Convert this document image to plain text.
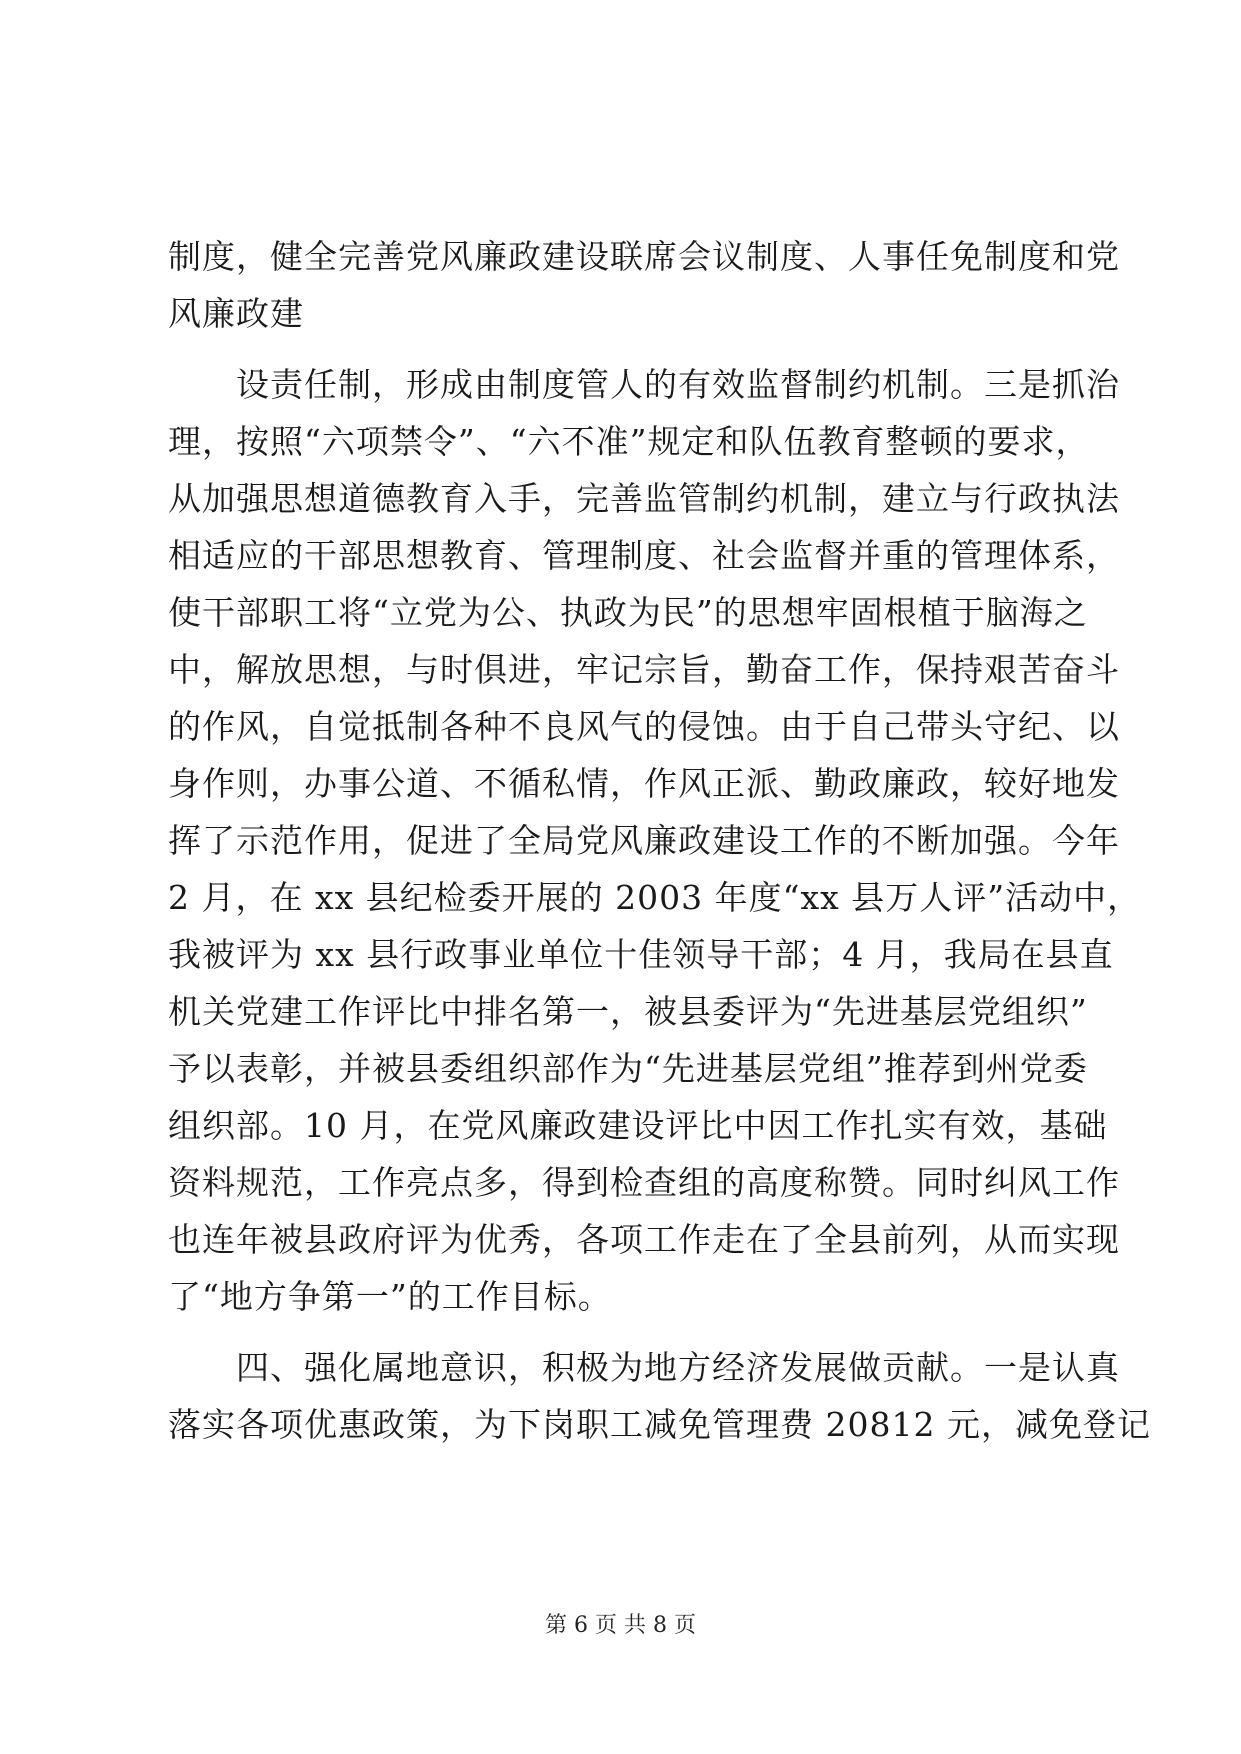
制度，健全完善党风廉政建设联席会议制度、人事任免制度和党
风廉政建
　　设责任制，形成由制度管人的有效监督制约机制。三是抓治
理，按照“六项禁令”、“六不准”规定和队伍教育整顿的要求，
从加强思想道德教育入手，完善监管制约机制，建立与行政执法
相适应的干部思想教育、管理制度、社会监督并重的管理体系，
使干部职工将“立党为公、执政为民”的思想牢固根植于脑海之
中，解放思想，与时俱进，牢记宗旨，勤奋工作，保持艰苦奋斗
的作风，自觉抵制各种不良风气的侵蚀。由于自己带头守纪、以
身作则，办事公道、不循私情，作风正派、勤政廉政，较好地发
挥了示范作用，促进了全局党风廉政建设工作的不断加强。今年
2 月，在 xx 县纪检委开展的 2003 年度“xx 县万人评”活动中，
我被评为 xx 县行政事业单位十佳领导干部；4 月，我局在县直
机关党建工作评比中排名第一，被县委评为“先进基层党组织”
予以表彰，并被县委组织部作为“先进基层党组”推荐到州党委
组织部。10 月，在党风廉政建设评比中因工作扎实有效，基础
资料规范，工作亮点多，得到检查组的高度称赞。同时纠风工作
也连年被县政府评为优秀，各项工作走在了全县前列，从而实现
了“地方争第一”的工作目标。
　　四、强化属地意识，积极为地方经济发展做贡献。一是认真
落实各项优惠政策，为下岗职工减免管理费 20812 元，减免登记
第 6 页 共 8 页
